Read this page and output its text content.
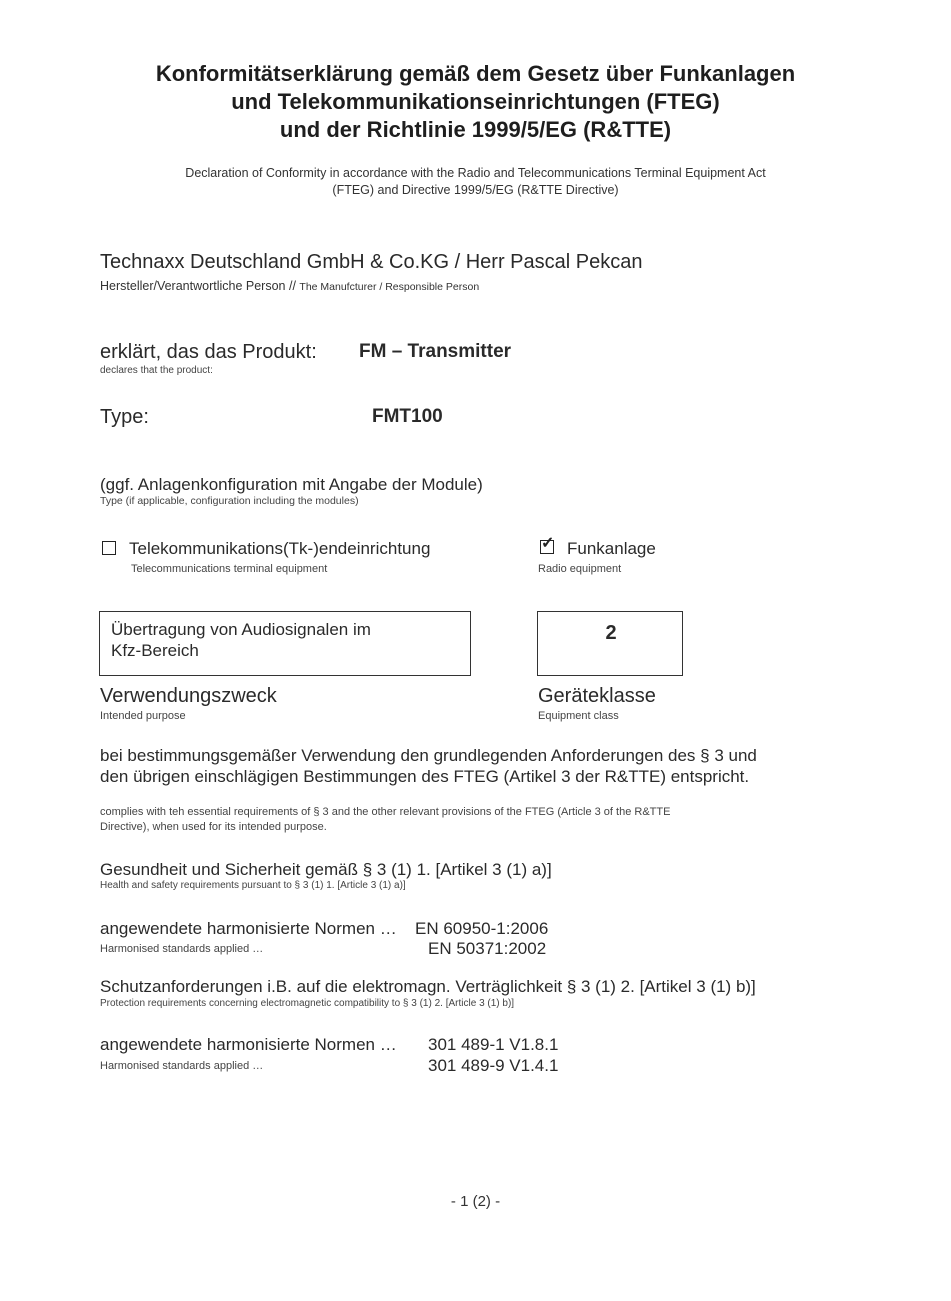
Konformitätserklärung gemäß dem Gesetz über Funkanlagen
und Telekommunikationseinrichtungen (FTEG)
und der Richtlinie 1999/5/EG (R&TTE)
Declaration of Conformity in accordance with the Radio and Telecommunications Terminal Equipment Act
(FTEG) and Directive 1999/5/EG (R&TTE Directive)
Technaxx Deutschland GmbH & Co.KG / Herr Pascal Pekcan
Hersteller/Verantwortliche Person // The Manufcturer / Responsible Person
erklärt, das das Produkt:
declares that the product:
FM – Transmitter
Type:	FMT100
(ggf. Anlagenkonfiguration mit Angabe der Module)
Type (if applicable, configuration including the modules)
Telekommunikations(Tk-)endeinrichtung
Telecommunications terminal equipment
✓ Funkanlage
Radio equipment
Übertragung von Audiosignalen im
Kfz-Bereich
Verwendungszweck
Intended purpose
2
Geräteklasse
Equipment class
bei bestimmungsgemäßer Verwendung den grundlegenden Anforderungen des § 3 und
den übrigen einschlägigen Bestimmungen des FTEG (Artikel 3 der R&TTE) entspricht.
complies with teh essential requirements of § 3 and the other relevant provisions of the FTEG (Article 3 of the R&TTE
Directive), when used for its intended purpose.
Gesundheit und Sicherheit gemäß § 3 (1) 1. [Artikel 3 (1) a)]
Health and safety requirements pursuant to § 3 (1) 1. [Article 3 (1) a)]
angewendete harmonisierte Normen …
Harmonised standards applied …
EN 60950-1:2006
EN 50371:2002
Schutzanforderungen i.B. auf die elektromagn. Verträglichkeit § 3 (1) 2. [Artikel 3 (1) b)]
Protection requirements concerning electromagnetic compatibility to § 3 (1) 2. [Article 3 (1) b)]
angewendete harmonisierte Normen …
Harmonised standards applied …
301 489-1 V1.8.1
301 489-9 V1.4.1
- 1 (2) -
